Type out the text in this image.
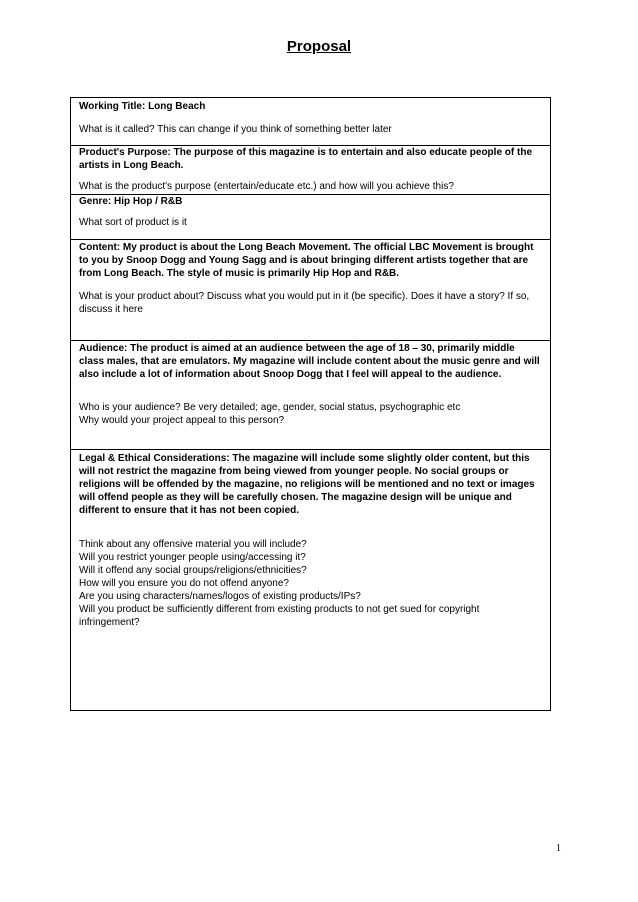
Proposal
Working Title: Long Beach
What is it called? This can change if you think of something better later
Product's Purpose: The purpose of this magazine is to entertain and also educate people of the artists in Long Beach.
What is the product's purpose (entertain/educate etc.) and how will you achieve this?
Genre: Hip Hop / R&B
What sort of product is it
Content: My product is about the Long Beach Movement. The official LBC Movement is brought to you by Snoop Dogg and Young Sagg and is about bringing different artists together that are from Long Beach. The style of music is primarily Hip Hop and R&B.
What is your product about? Discuss what you would put in it (be specific). Does it have a story? If so, discuss it here
Audience: The product is aimed at an audience between the age of 18 – 30, primarily middle class males, that are emulators. My magazine will include content about the music genre and will also include a lot of information about Snoop Dogg that I feel will appeal to the audience.
Who is your audience? Be very detailed; age, gender, social status, psychographic etc
Why would your project appeal to this person?
Legal & Ethical Considerations: The magazine will include some slightly older content, but this will not restrict the magazine from being viewed from younger people. No social groups or religions will be offended by the magazine, no religions will be mentioned and no text or images will offend people as they will be carefully chosen. The magazine design will be unique and different to ensure that it has not been copied.
Think about any offensive material you will include?
Will you restrict younger people using/accessing it?
Will it offend any social groups/religions/ethnicities?
How will you ensure you do not offend anyone?
Are you using characters/names/logos of existing products/IPs?
Will you product be sufficiently different from existing products to not get sued for copyright infringement?
1
